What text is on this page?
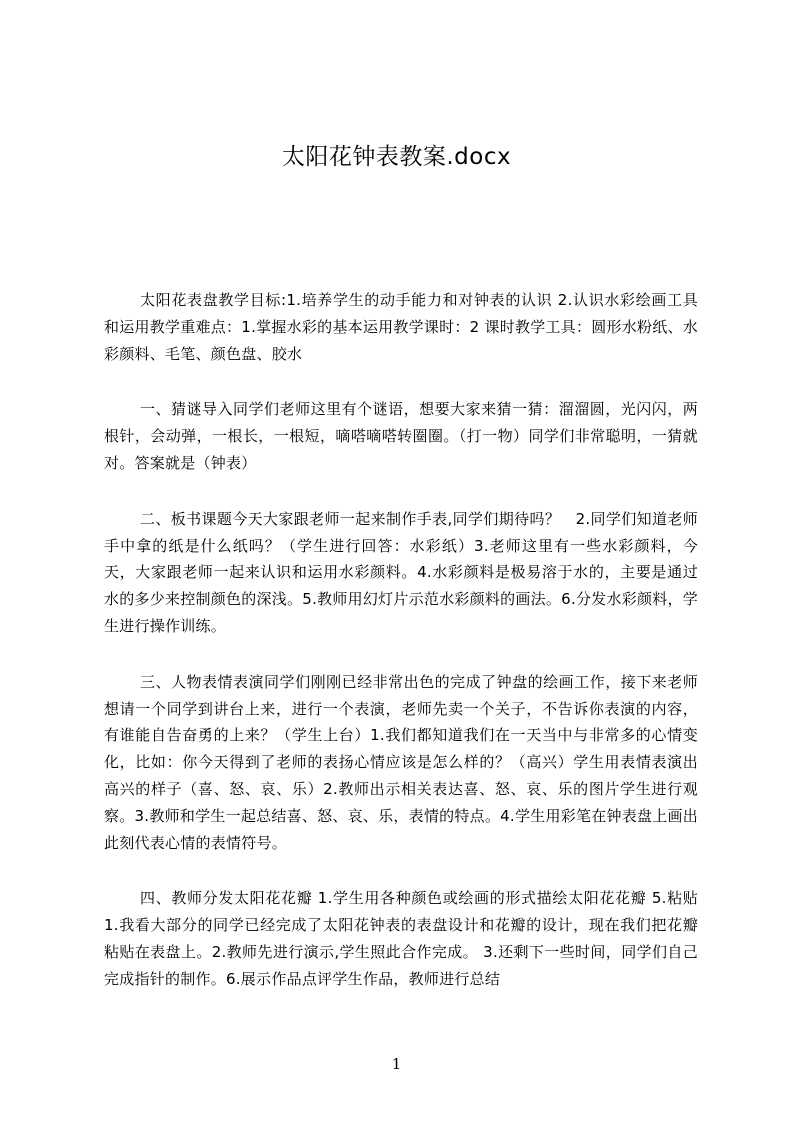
太阳花钟表教案.docx

太阳花表盘教学目标:1.培养学生的动手能力和对钟表的认识 2.认识水彩绘画工具和运用教学重难点：1.掌握水彩的基本运用教学课时：2 课时教学工具：圆形水粉纸、水彩颜料、毛笔、颜色盘、胶水

一、猜谜导入同学们老师这里有个谜语，想要大家来猜一猜：溜溜圆，光闪闪，两根针，会动弹，一根长，一根短，嘀嗒嘀嗒转圈圈。（打一物）同学们非常聪明，一猜就对。答案就是（钟表）

二、板书课题今天大家跟老师一起来制作手表,同学们期待吗？　2.同学们知道老师手中拿的纸是什么纸吗？（学生进行回答：水彩纸）3.老师这里有一些水彩颜料，今天，大家跟老师一起来认识和运用水彩颜料。4.水彩颜料是极易溶于水的，主要是通过水的多少来控制颜色的深浅。5.教师用幻灯片示范水彩颜料的画法。6.分发水彩颜料，学生进行操作训练。

三、人物表情表演同学们刚刚已经非常出色的完成了钟盘的绘画工作，接下来老师想请一个同学到讲台上来，进行一个表演，老师先卖一个关子，不告诉你表演的内容，有谁能自告奋勇的上来？（学生上台）1.我们都知道我们在一天当中与非常多的心情变化，比如：你今天得到了老师的表扬心情应该是怎么样的？（高兴）学生用表情表演出高兴的样子（喜、怒、哀、乐）2.教师出示相关表达喜、怒、哀、乐的图片学生进行观察。3.教师和学生一起总结喜、怒、哀、乐，表情的特点。4.学生用彩笔在钟表盘上画出此刻代表心情的表情符号。

四、教师分发太阳花花瓣 1.学生用各种颜色或绘画的形式描绘太阳花花瓣 5.粘贴 1.我看大部分的同学已经完成了太阳花钟表的表盘设计和花瓣的设计，现在我们把花瓣粘贴在表盘上。2.教师先进行演示,学生照此合作完成。 3.还剩下一些时间，同学们自己完成指针的制作。6.展示作品点评学生作品，教师进行总结

1
